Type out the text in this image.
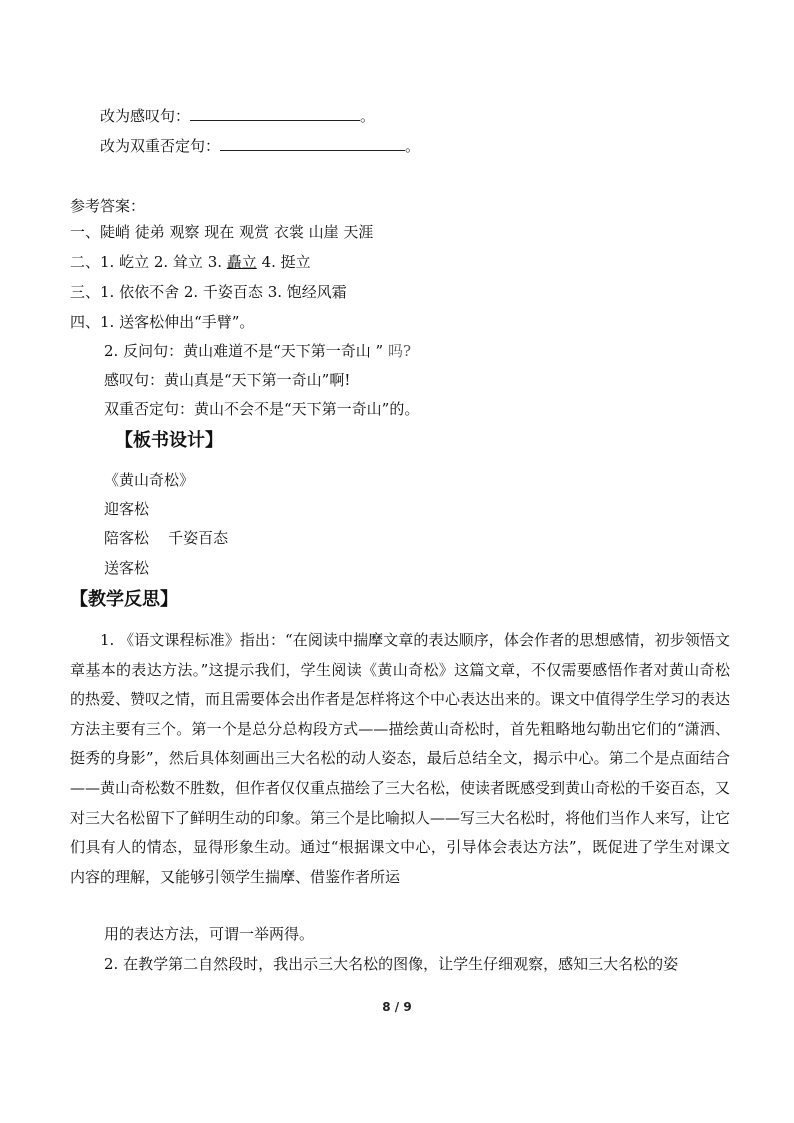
改为感叹句：	。
改为双重否定句：	。
参考答案：
一、陡峭 徒弟 观察 现在 观赏 衣裳 山崖 天涯
二、1. 屹立 2. 耸立 3. 矗立 4. 挺立
三、1. 依依不舍 2. 千姿百态 3. 饱经风霜
四、1. 送客松伸出“手臂”。
2. 反问句：黄山难道不是“天下第一奇山 ” 吗?
感叹句：黄山真是“天下第一奇山”啊!
双重否定句：黄山不会不是“天下第一奇山”的。
【板书设计】
《黄山奇松》
迎客松
陪客松    千姿百态
送客松
【教学反思】
1. 《语文课程标准》指出：“在阅读中揣摩文章的表达顺序，体会作者的思想感情，初步领悟文章基本的表达方法。”这提示我们，学生阅读《黄山奇松》这篇文章，不仅需要感悟作者对黄山奇松的热爱、赞叹之情，而且需要体会出作者是怎样将这个中心表达出来的。课文中值得学生学习的表达方法主要有三个。第一个是总分总构段方式——描绘黄山奇松时，首先粗略地勾勒出它们的“潇洒、挺秀的身影”，然后具体刻画出三大名松的动人姿态，最后总结全文，揭示中心。第二个是点面结合——黄山奇松数不胜数，但作者仅仅重点描绘了三大名松，使读者既感受到黄山奇松的千姿百态，又对三大名松留下了鲜明生动的印象。第三个是比喻拟人——写三大名松时，将他们当作人来写，让它们具有人的情态，显得形象生动。通过“根据课文中心，引导体会表达方法”，既促进了学生对课文内容的理解，又能够引领学生揣摩、借鉴作者所运
用的表达方法，可谓一举两得。
2. 在教学第二自然段时，我出示三大名松的图像，让学生仔细观察，感知三大名松的姿
8 / 9
